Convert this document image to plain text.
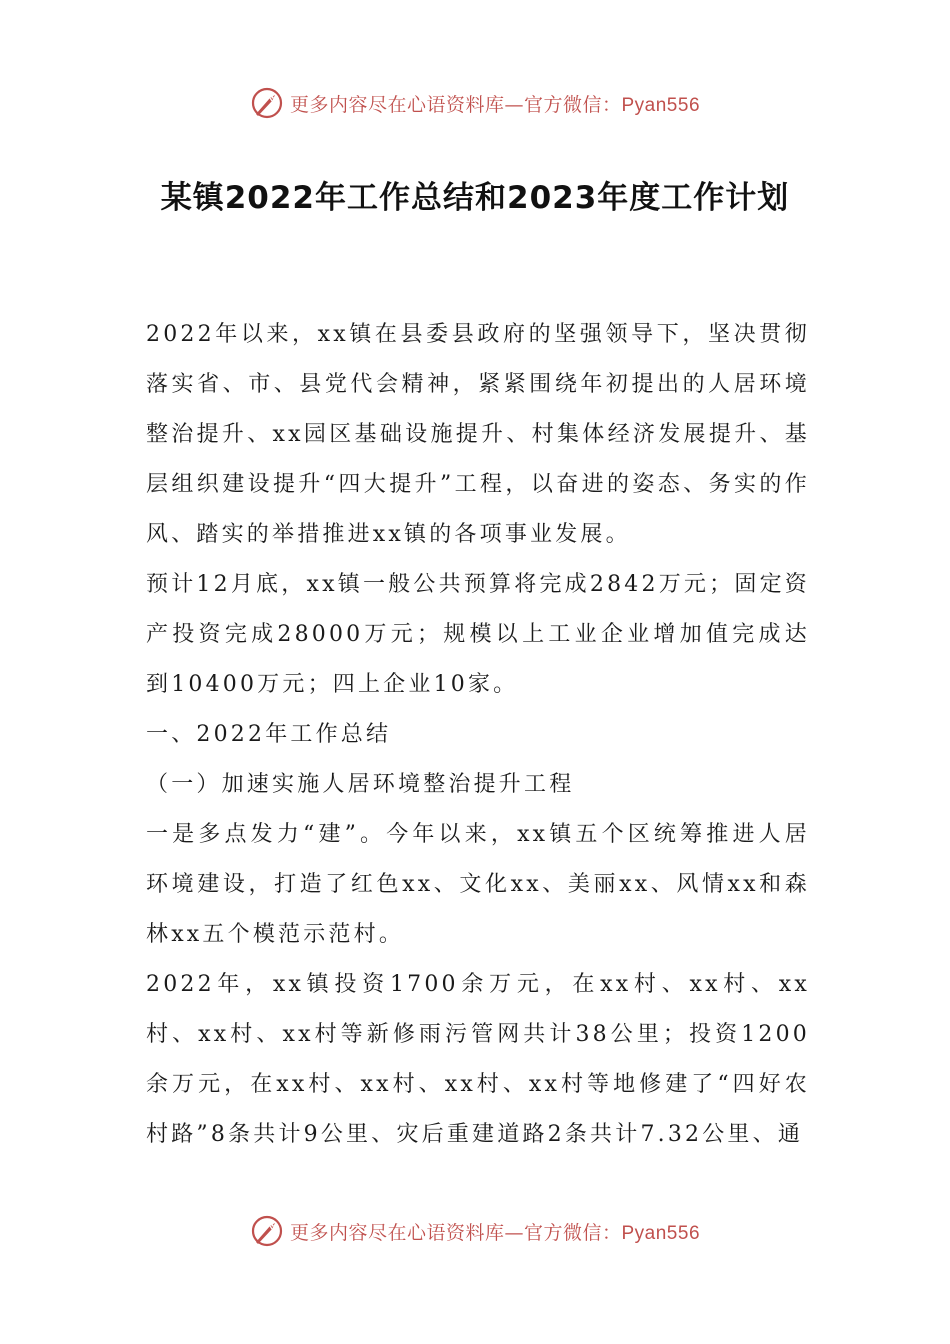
更多内容尽在心语资料库—官方微信：Pyan556
某镇2022年工作总结和2023年度工作计划

2022年以来，xx镇在县委县政府的坚强领导下，坚决贯彻落实省、市、县党代会精神，紧紧围绕年初提出的人居环境整治提升、xx园区基础设施提升、村集体经济发展提升、基层组织建设提升“四大提升”工程，以奋进的姿态、务实的作风、踏实的举措推进xx镇的各项事业发展。

预计12月底，xx镇一般公共预算将完成2842万元；固定资产投资完成28000万元；规模以上工业企业增加值完成达到10400万元；四上企业10家。

一、2022年工作总结

（一）加速实施人居环境整治提升工程

一是多点发力“建”。今年以来，xx镇五个区统筹推进人居环境建设，打造了红色xx、文化xx、美丽xx、风情xx和森林xx五个模范示范村。

2022年，xx镇投资1700余万元，在xx村、xx村、xx村、xx村、xx村等新修雨污管网共计38公里；投资1200余万元，在xx村、xx村、xx村、xx村等地修建了“四好农村路”8条共计9公里、灾后重建道路2条共计7.32公里、通

更多内容尽在心语资料库—官方微信：Pyan556
